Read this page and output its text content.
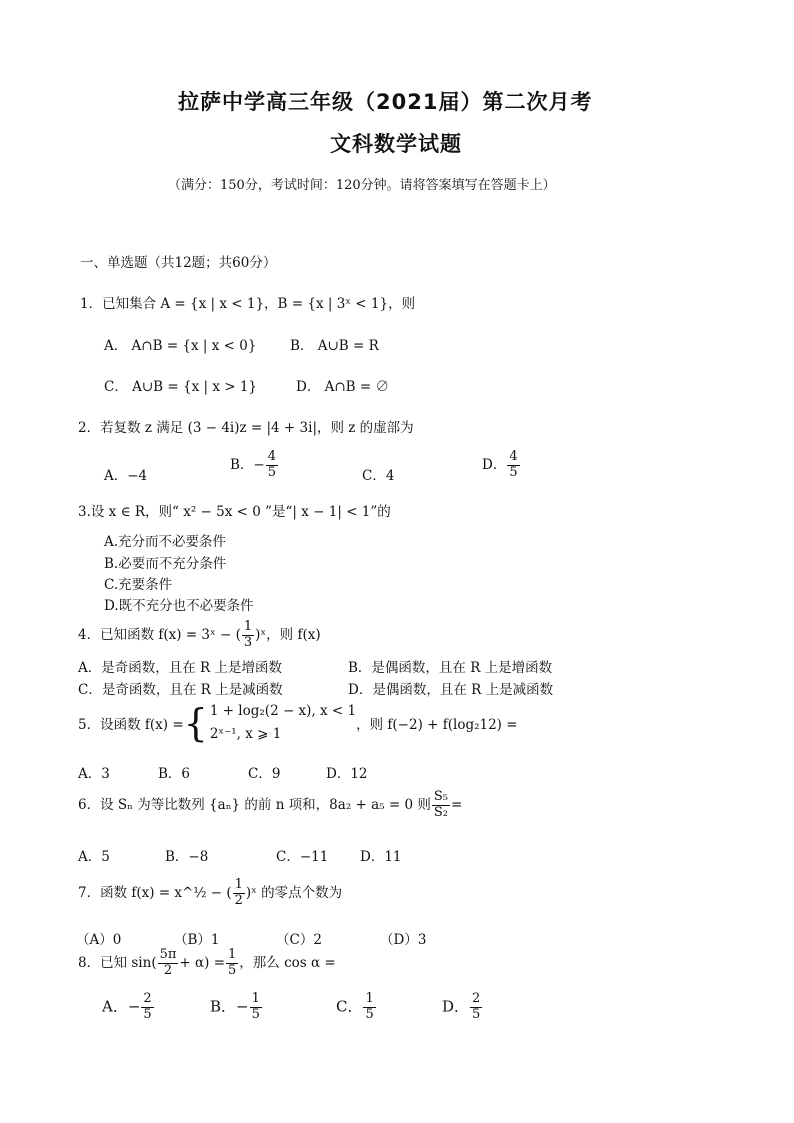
拉萨中学高三年级（2021届）第二次月考
文科数学试题
（满分：150分，考试时间：120分钟。请将答案填写在答题卡上）
一、单选题（共12题；共60分）
1．已知集合 A = {x | x < 1}，B = {x | 3ˣ < 1}，则
A． A∩B = {x | x < 0} B． A∪B = R
C． A∪B = {x | x > 1}	D． A∩B = ∅
2．若复数 z 满足 (3 − 4i)z = |4 + 3i|，则 z 的虚部为
A．−4
B．− $\frac{4}{5}$	C．4
D． $\frac{4}{5}$
3.设 x ∈ R，则“ x² − 5x < 0 ”是“| x − 1| < 1”的
A.充分而不必要条件
B.必要而不充分条件
C.充要条件
D.既不充分也不必要条件
4．已知函数 f(x) = 3ˣ − ( $\frac{1}{3}$ )ˣ，则 f(x)
A．是奇函数，且在 R 上是增函数	B．是偶函数，且在 R 上是增函数
C．是奇函数，且在 R 上是减函数	D．是偶函数，且在 R 上是减函数
5．设函数 f(x) ={ 1 + log₂(2 − x), x < 1
2ˣ⁻¹, x ⩾ 1
，则 f(−2) + f(log₂12) =
A．3	B．6	C．9	D．12
6．设 Sₙ 为等比数列 {aₙ} 的前 n 项和，8a₂ + a₅ = 0 则 $\frac{\text{S₅}}{\text{S₂}}$ =
A．5	B．−8	C．−11 D．11
7．函数 f(x) = x^½ − ( $\frac{1}{2}$ )ˣ 的零点个数为
（A）0	（B）1	（C）2	（D）3
8．已知 $\sin( \frac{5\pi}{2} + \alpha) = \frac{1}{5}$ ，那么 cos α =
A．− $\frac{2}{5}$	B．− $\frac{1}{5}$	C． $\frac{1}{5}$	D． $\frac{2}{5}$
